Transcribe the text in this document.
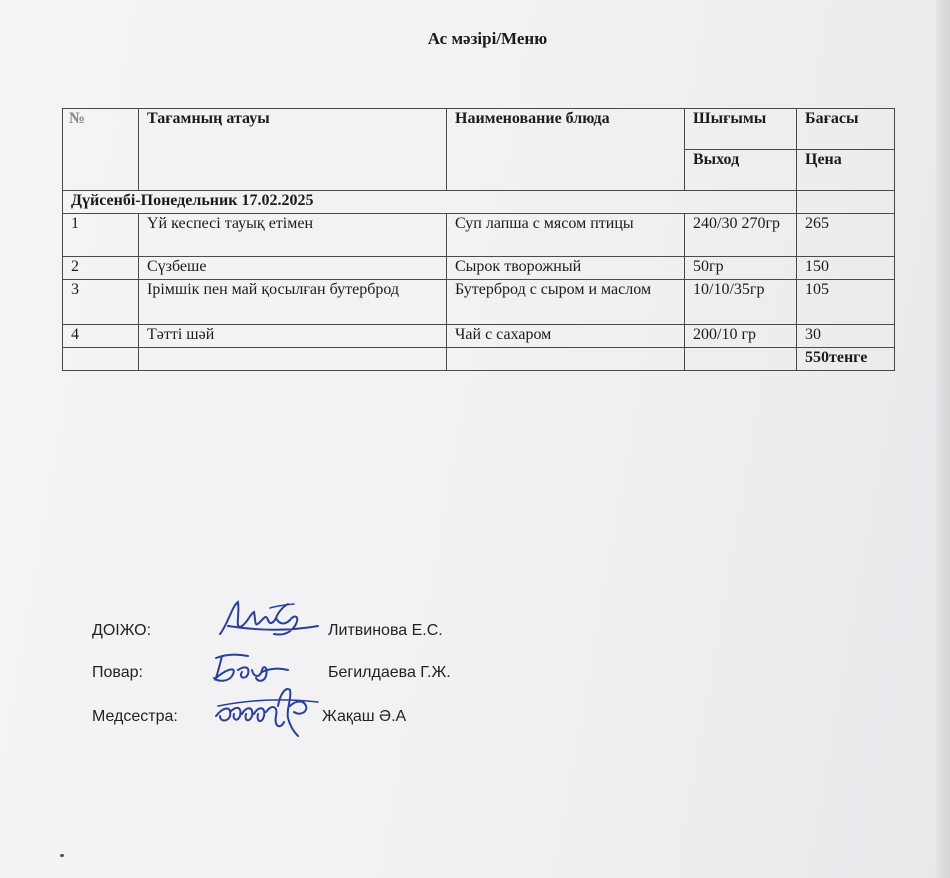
Ас мәзірі/Меню
№	Тағамның атауы	Наименование блюда	Шығымы	Бағасы
			Выход	Цена
Дүйсенбі-Понедельник 17.02.2025				
1	Үй кеспесі тауық етімен	Суп лапша с мясом птицы	240/30 270гр	265
2	Сүзбеше	Сырок творожный	50гр	150
3	Ірімшік пен май қосылған бутерброд	Бутерброд с сыром и маслом	10/10/35гр	105
4	Тәтті шәй	Чай с сахаром	200/10 гр	30
				550тенге
ДОІЖО:	Литвинова Е.С.
Повар:	Бегилдаева Г.Ж.
Медсестра:	Жақаш Ә.А
